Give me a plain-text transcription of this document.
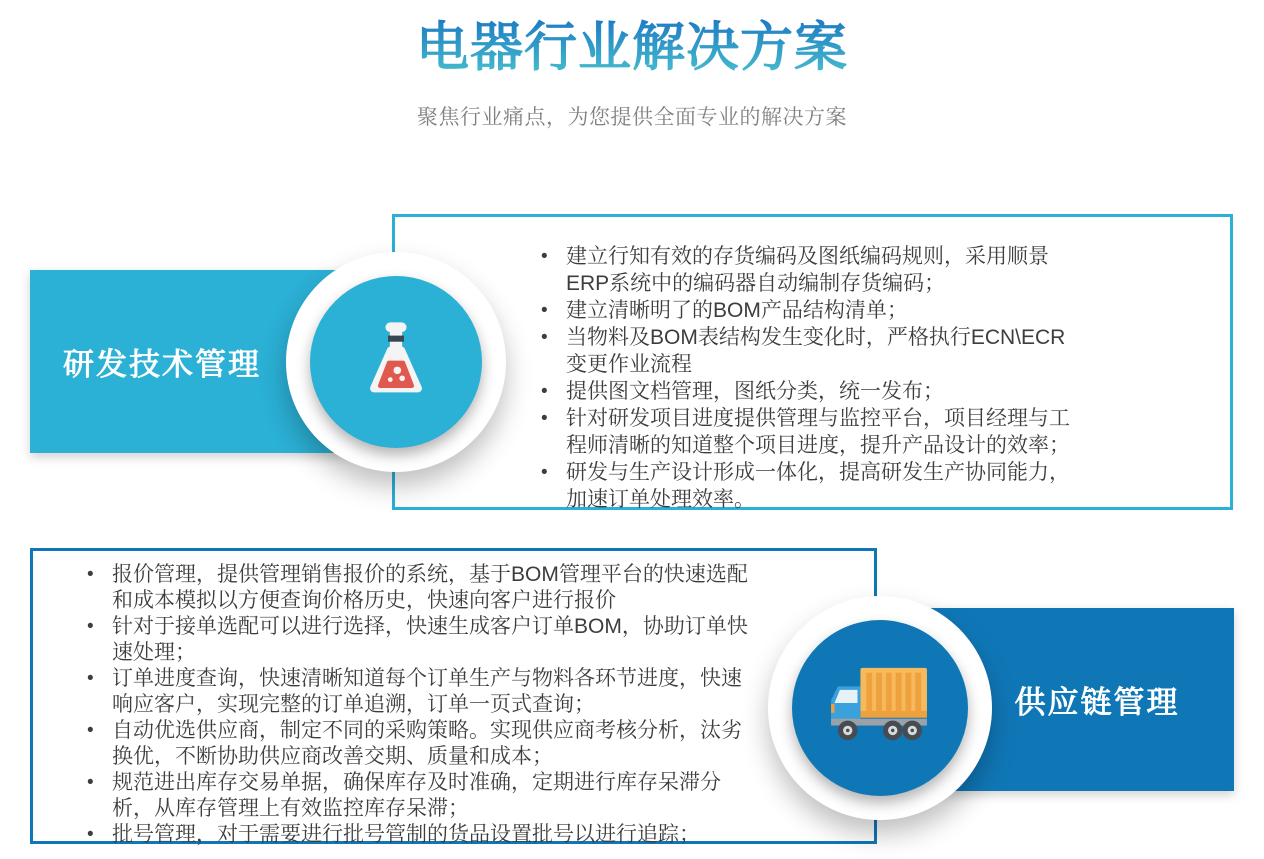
电器行业解决方案
聚焦行业痛点，为您提供全面专业的解决方案
• 建立行知有效的存货编码及图纸编码规则，采用顺景ERP系统中的编码器自动编制存货编码；
• 建立清晰明了的BOM产品结构清单；
• 当物料及BOM表结构发生变化时，严格执行ECN\ECR变更作业流程
• 提供图文档管理，图纸分类，统一发布；
• 针对研发项目进度提供管理与监控平台，项目经理与工程师清晰的知道整个项目进度，提升产品设计的效率；
• 研发与生产设计形成一体化，提高研发生产协同能力，加速订单处理效率。
研发技术管理
• 报价管理，提供管理销售报价的系统，基于BOM管理平台的快速选配和成本模拟以方便查询价格历史，快速向客户进行报价
• 针对于接单选配可以进行选择，快速生成客户订单BOM，协助订单快速处理；
• 订单进度查询，快速清晰知道每个订单生产与物料各环节进度，快速响应客户，实现完整的订单追溯，订单一页式查询；
• 自动优选供应商，制定不同的采购策略。实现供应商考核分析，汰劣换优，不断协助供应商改善交期、质量和成本；
• 规范进出库存交易单据，确保库存及时准确，定期进行库存呆滞分析，从库存管理上有效监控库存呆滞；
• 批号管理，对于需要进行批号管制的货品设置批号以进行追踪；
供应链管理
